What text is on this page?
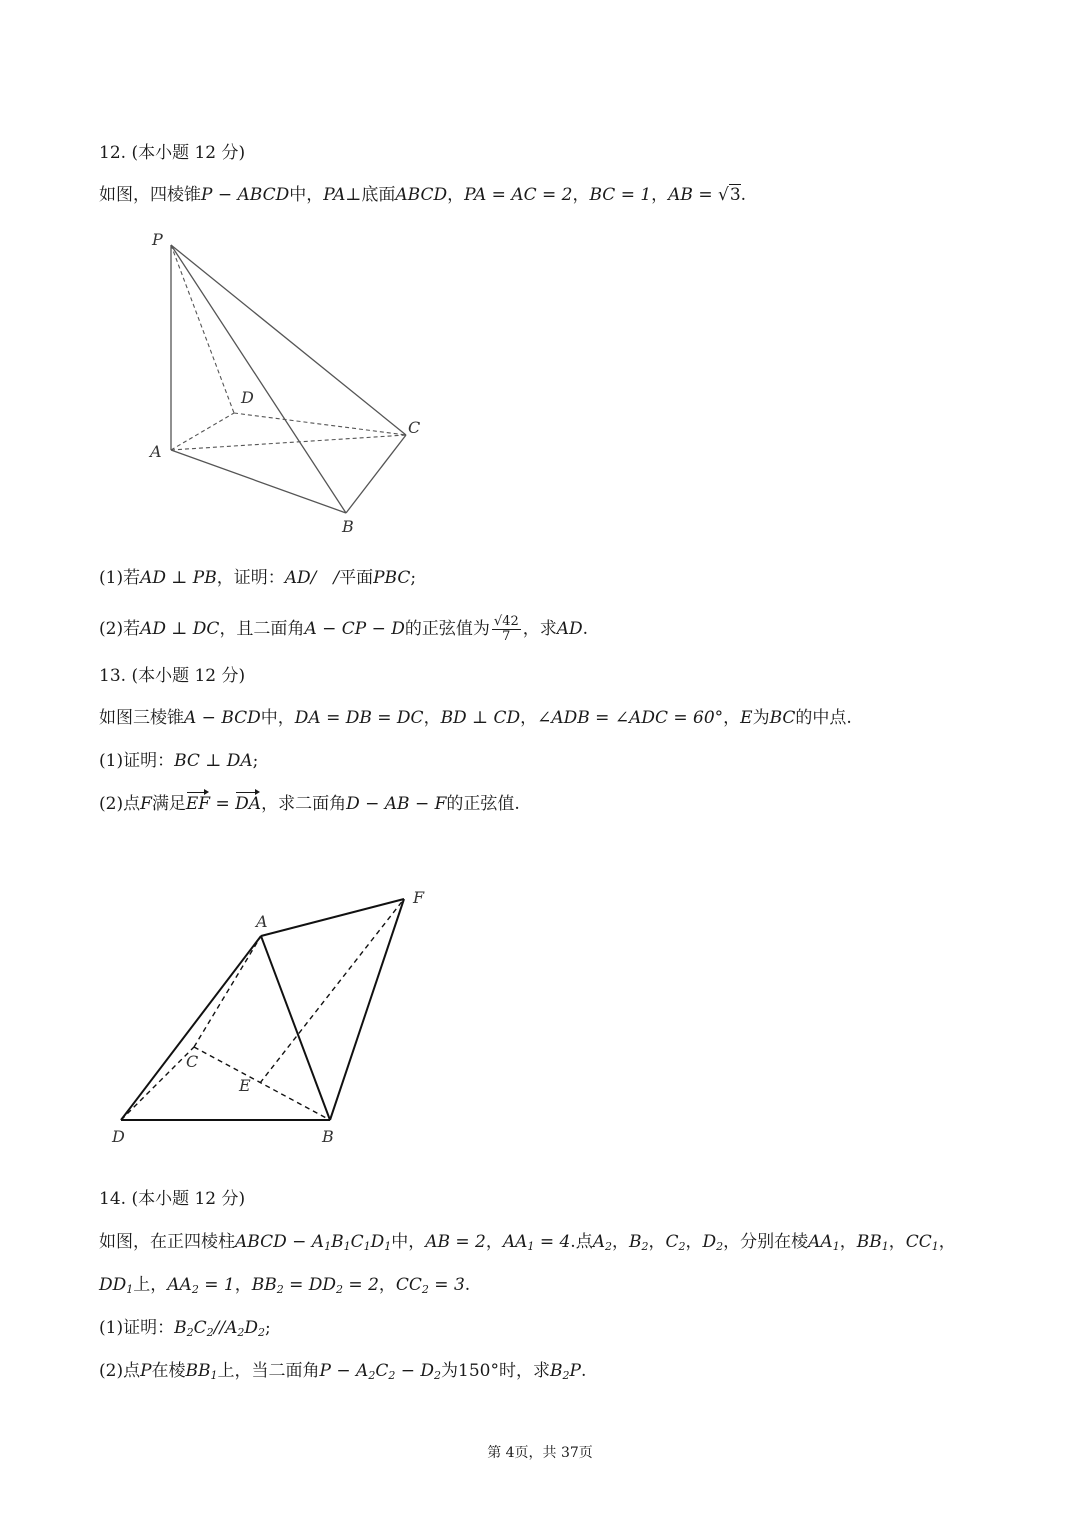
12. (本小题 12 分)
如图，四棱锥P − ABCD中，PA⊥底面ABCD，PA = AC = 2，BC = 1，AB = √3.
P
A
B
C
D
(1)若AD ⊥ PB，证明：AD/　/平面PBC;
(2)若AD ⊥ DC，且二面角A − CP − D的正弦值为 $\frac{√42}{7}$ ，求AD.
13. (本小题 12 分)
如图三棱锥A − BCD中，DA = DB = DC，BD ⊥ CD，∠ADB = ∠ADC = 60°，E为BC的中点.
(1)证明：BC ⊥ DA;
(2)点F满足EF = DA，求二面角D − AB − F的正弦值.
A
F
C
E
D	B
14. (本小题 12 分)
如图，在正四棱柱ABCD − $A_1B_1C_1D_1$中，AB = 2，$AA_1 = 4$.点$A_2$，$B_2$，$C_2$，$D_2$，分别在棱$AA_1$，$BB_1$，$CC_1$，
$DD_1$上，$AA_2 = 1$，$BB_2 = DD_2 = 2$，$CC_2 = 3$.
(1)证明：$B_2C_2//A_2D_2$;
(2)点P在棱$BB_1$上，当二面角$P - A_2C_2 - D_2$为150°时，求$B_2P$.
第 4页，共 37页
